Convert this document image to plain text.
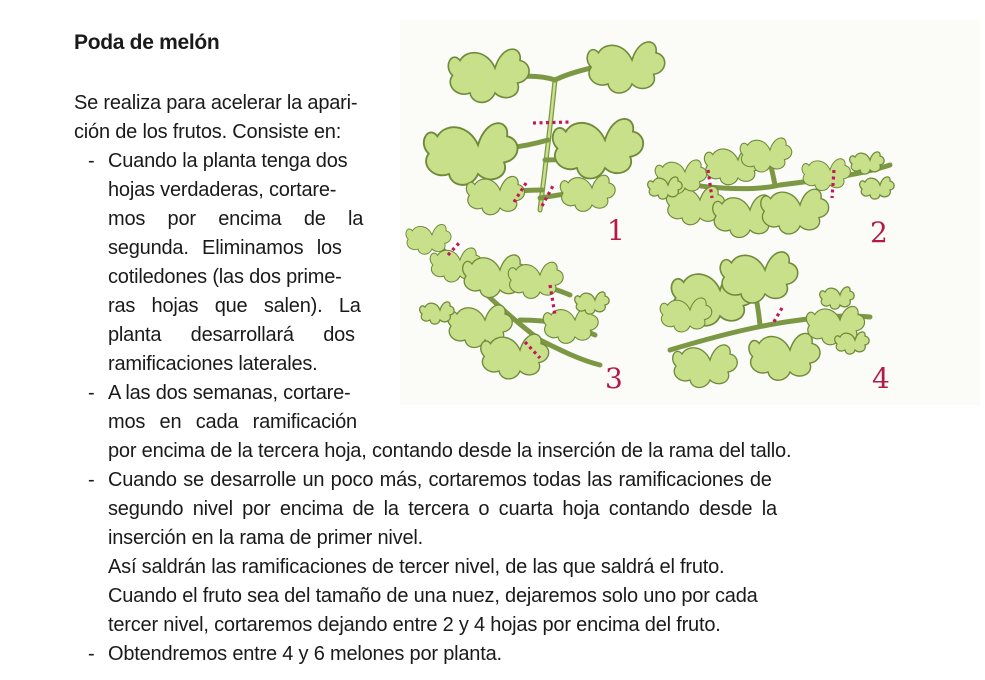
Poda de melón
Se realiza para acelerar la apari-
ción de los frutos. Consiste en:
- Cuando la planta tenga dos
hojas verdaderas, cortare-
mos por encima de la
segunda. Eliminamos los
cotiledones (las dos prime-
ras hojas que salen). La
planta desarrollará dos
ramificaciones laterales.
- A las dos semanas, cortare-
mos en cada ramificación
por encima de la tercera hoja, contando desde la inserción de la rama del tallo.
- Cuando se desarrolle un poco más, cortaremos todas las ramificaciones de
segundo nivel por encima de la tercera o cuarta hoja contando desde la
inserción en la rama de primer nivel.
Así saldrán las ramificaciones de tercer nivel, de las que saldrá el fruto.
Cuando el fruto sea del tamaño de una nuez, dejaremos solo uno por cada
tercer nivel, cortaremos dejando entre 2 y 4 hojas por encima del fruto.
- Obtendremos entre 4 y 6 melones por planta.
1	2
3	4
